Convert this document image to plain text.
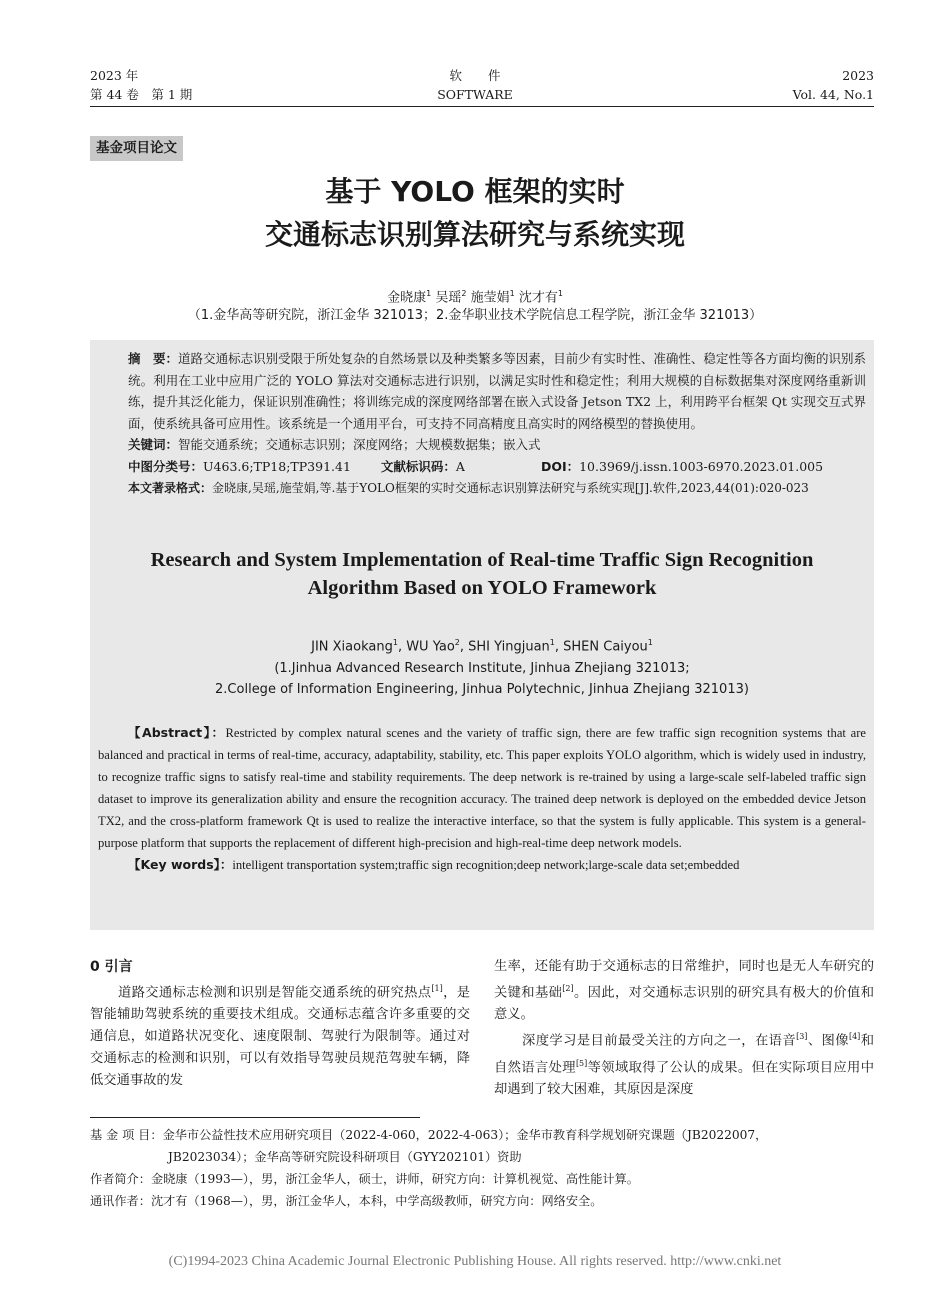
2023 年
第 44 卷　第 1 期
软件
SOFTWARE
2023
Vol. 44, No.1
基金项目论文
基于 YOLO 框架的实时
交通标志识别算法研究与系统实现
金晓康$^1$ 吴瑶$^2$ 施莹娟$^1$ 沈才有$^1$
（1.金华高等研究院，浙江金华 321013；2.金华职业技术学院信息工程学院，浙江金华 321013）
摘　要：道路交通标志识别受限于所处复杂的自然场景以及种类繁多等因素，目前少有实时性、准确性、稳定性等各方面均衡的识别系统。利用在工业中应用广泛的 YOLO 算法对交通标志进行识别，以满足实时性和稳定性；利用大规模的自标数据集对深度网络重新训练，提升其泛化能力，保证识别准确性；将训练完成的深度网络部署在嵌入式设备 Jetson TX2 上，利用跨平台框架 Qt 实现交互式界面，使系统具备可应用性。该系统是一个通用平台，可支持不同高精度且高实时的网络模型的替换使用。
关键词：智能交通系统；交通标志识别；深度网络；大规模数据集；嵌入式
中图分类号：U463.6;TP18;TP391.41 文献标识码：A	DOI：10.3969/j.issn.1003-6970.2023.01.005
本文著录格式：金晓康,吴瑶,施莹娟,等.基于YOLO框架的实时交通标志识别算法研究与系统实现[J].软件,2023,44(01):020-023
Research and System Implementation of Real-time Traffic Sign Recognition
Algorithm Based on YOLO Framework
JIN Xiaokang$^1$, WU Yao$^2$, SHI Yingjuan$^1$, SHEN Caiyou$^1$
(1.Jinhua Advanced Research Institute, Jinhua Zhejiang 321013;
2.College of Information Engineering, Jinhua Polytechnic, Jinhua Zhejiang 321013)
【Abstract】：Restricted by complex natural scenes and the variety of traffic sign, there are few traffic sign recognition systems that are balanced and practical in terms of real-time, accuracy, adaptability, stability, etc. This paper exploits YOLO algorithm, which is widely used in industry, to recognize traffic signs to satisfy real-time and stability requirements. The deep network is re-trained by using a large-scale self-labeled traffic sign dataset to improve its generalization ability and ensure the recognition accuracy. The trained deep network is deployed on the embedded device Jetson TX2, and the cross-platform framework Qt is used to realize the interactive interface, so that the system is fully applicable. This system is a general-purpose platform that supports the replacement of different high-precision and high-real-time deep network models.
【Key words】：intelligent transportation system;traffic sign recognition;deep network;large-scale data set;embedded
0 引言
道路交通标志检测和识别是智能交通系统的研究热点[1]，是智能辅助驾驶系统的重要技术组成。交通标志蕴含许多重要的交通信息，如道路状况变化、速度限制、驾驶行为限制等。通过对交通标志的检测和识别，可以有效指导驾驶员规范驾驶车辆，降低交通事故的发
生率，还能有助于交通标志的日常维护，同时也是无人车研究的关键和基础[2]。因此，对交通标志识别的研究具有极大的价值和意义。
深度学习是目前最受关注的方向之一，在语音[3]、图像[4]和自然语言处理[5]等领域取得了公认的成果。但在实际项目应用中却遇到了较大困难，其原因是深度
基 金 项 目：金华市公益性技术应用研究项目（2022-4-060，2022-4-063）；金华市教育科学规划研究课题（JB2022007，
JB2023034）；金华高等研究院设科研项目（GYY202101）资助
作者简介：金晓康（1993—），男，浙江金华人，硕士，讲师，研究方向：计算机视觉、高性能计算。
通讯作者：沈才有（1968—），男，浙江金华人，本科，中学高级教师，研究方向：网络安全。
(C)1994-2023 China Academic Journal Electronic Publishing House. All rights reserved. http://www.cnki.net
